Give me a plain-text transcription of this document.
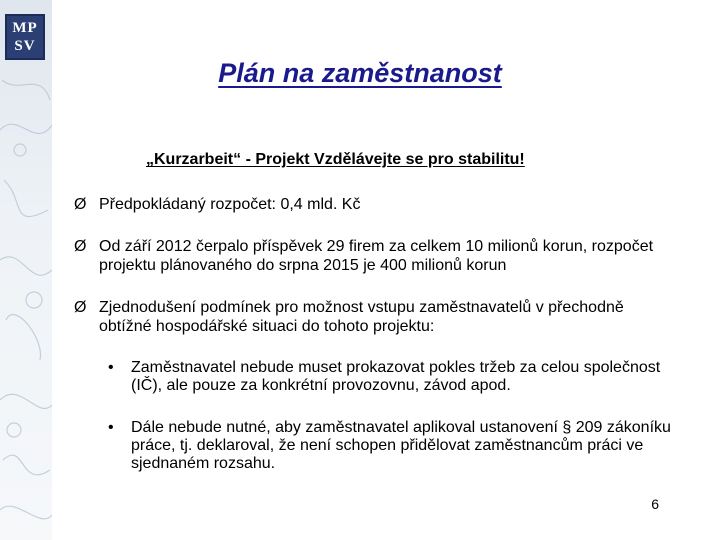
MP
SV
Plán na zaměstnanost
„Kurzarbeit“ - Projekt Vzdělávejte se pro stabilitu!
Ø Předpokládaný rozpočet: 0,4 mld. Kč
Ø Od září 2012 čerpalo příspěvek 29 firem za celkem 10 milionů korun, rozpočet projektu plánovaného do srpna 2015 je 400 milionů korun
Ø Zjednodušení podmínek pro možnost vstupu zaměstnavatelů v přechodně obtížné hospodářské situaci do tohoto projektu:
•	Zaměstnavatel nebude muset prokazovat pokles tržeb za celou společnost (IČ), ale pouze za konkrétní provozovnu, závod apod.
•	Dále nebude nutné, aby zaměstnavatel aplikoval ustanovení § 209 zákoníku práce, tj. deklaroval, že není schopen přidělovat zaměstnancům práci ve sjednaném rozsahu.
6
